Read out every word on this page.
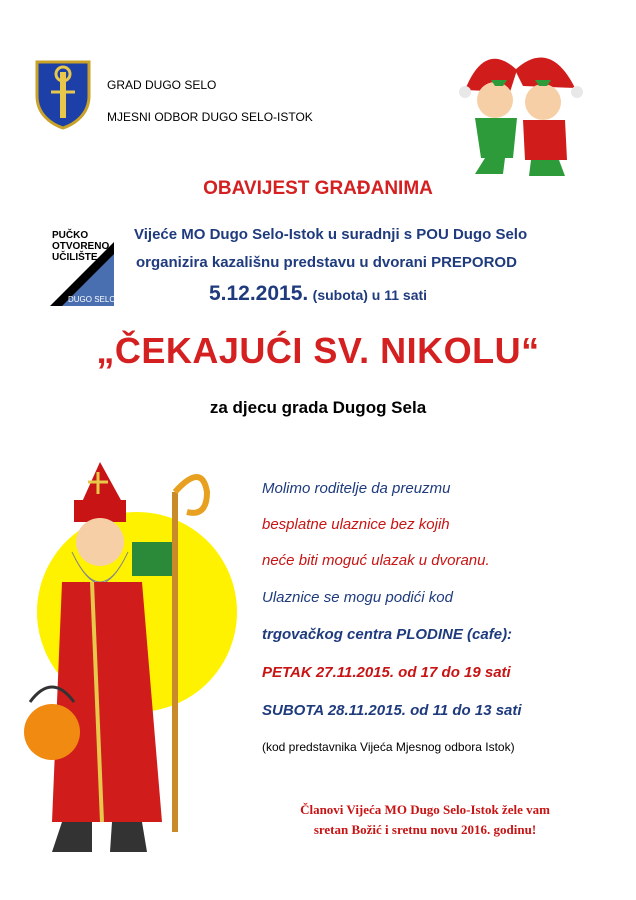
GRAD DUGO SELO
MJESNI ODBOR DUGO SELO-ISTOK
OBAVIJEST GRAĐANIMA
PUČKO
OTVORENO
UČILIŠTE
DUGO SELO
Vijeće MO Dugo Selo-Istok u suradnji s POU Dugo Selo
organizira kazališnu predstavu u dvorani PREPOROD
5.12.2015. (subota) u 11 sati
„ČEKAJUĆI SV. NIKOLU“
za djecu grada Dugog Sela
Molimo roditelje da preuzmu
besplatne ulaznice bez kojih
neće biti moguć ulazak u dvoranu.
Ulaznice se mogu podići kod
trgovačkog centra PLODINE (cafe):
PETAK 27.11.2015. od 17 do 19 sati
SUBOTA 28.11.2015. od 11 do 13 sati
(kod predstavnika Vijeća Mjesnog odbora Istok)
Članovi Vijeća MO Dugo Selo-Istok žele vam
sretan Božić i sretnu novu 2016. godinu!
